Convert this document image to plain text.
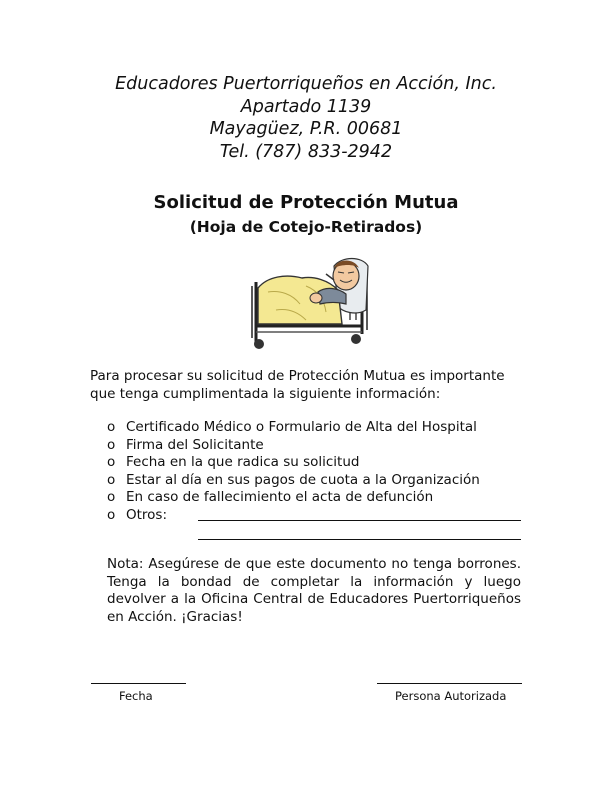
Educadores Puertorriqueños en Acción, Inc.
Apartado 1139
Mayagüez, P.R. 00681
Tel. (787) 833-2942
Solicitud de Protección Mutua
(Hoja de Cotejo-Retirados)
Para procesar su solicitud de Protección Mutua es importante que tenga cumplimentada la siguiente información:
o Certificado Médico o Formulario de Alta del Hospital
o Firma del Solicitante
o Fecha en la que radica su solicitud
o Estar al día en sus pagos de cuota a la Organización
o En caso de fallecimiento el acta de defunción
o Otros:
Nota: Asegúrese de que este documento no tenga borrones. Tenga la bondad de completar la información y luego devolver a la Oficina Central de Educadores Puertorriqueños en Acción. ¡Gracias!
Fecha	Persona Autorizada
